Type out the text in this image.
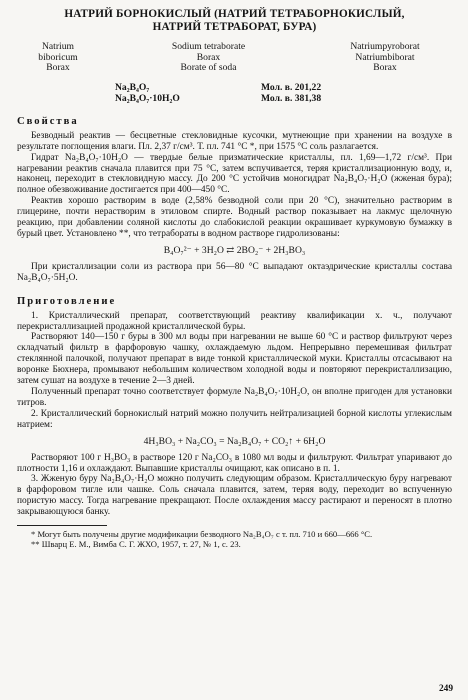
НАТРИЙ БОРНОКИСЛЫЙ (НАТРИЙ ТЕТРАБОРНОКИСЛЫЙ,
НАТРИЙ ТЕТРАБОРАТ, БУРА)
Natrium
biboricum
Borax
Sodium tetraborate
Borax
Borate of soda
Natriumpyroborat
Natriumbiborat
Borax
Na₂B₄O₇
Na₂B₄O₇·10H₂O
Мол. в. 201,22
Мол. в. 381,38
Свойства

Безводный реактив — бесцветные стекловидные кусочки, мутнеющие при хранении на воздухе в результате поглощения влаги. Пл. 2,37 г/см³. Т. пл. 741 °C *, при 1575 °C соль разлагается.

Гидрат Na₂B₄O₇·10H₂O — твердые белые призматические кристаллы, пл. 1,69—1,72 г/см³. При нагревании реактив сначала плавится при 75 °C, затем вспучивается, теряя кристаллизационную воду, и, наконец, переходит в стекловидную массу. До 200 °C устойчив моногидрат Na₂B₄O₇·H₂O (жженая бура); полное обезвоживание достигается при 400—450 °C.

Реактив хорошо растворим в воде (2,58% безводной соли при 20 °C), значительно растворим в глицерине, почти нерастворим в этиловом спирте. Водный раствор показывает на лакмус щелочную реакцию, при добавлении соляной кислоты до слабокислой реакции окрашивает куркумовую бумажку в бурый цвет. Установлено **, что тетрабораты в водном растворе гидролизованы:

B₄O₇²⁻ + 3H₂O ⇄ 2BO₂⁻ + 2H₃BO₃

При кристаллизации соли из раствора при 56—80 °C выпадают октаэдрические кристаллы состава Na₂B₄O₇·5H₂O.

Приготовление

1. Кристаллический препарат, соответствующий реактиву квалификации х. ч., получают перекристаллизацией продажной кристаллической буры.

Растворяют 140—150 г буры в 300 мл воды при нагревании не выше 60 °C и раствор фильтруют через складчатый фильтр в фарфоровую чашку, охлаждаемую льдом. Непрерывно перемешивая фильтрат стеклянной палочкой, получают препарат в виде тонкой кристаллической муки. Кристаллы отсасывают на воронке Бюхнера, промывают небольшим количеством холодной воды и повторяют перекристаллизацию, затем сушат на воздухе в течение 2—3 дней.

Полученный препарат точно соответствует формуле Na₂B₄O₇·10H₂O, он вполне пригоден для установки титров.

2. Кристаллический борнокислый натрий можно получить нейтрализацией борной кислоты углекислым натрием:

4H₃BO₃ + Na₂CO₃ = Na₂B₄O₇ + CO₂↑ + 6H₂O

Растворяют 100 г H₃BO₃ в растворе 120 г Na₂CO₃ в 1080 мл воды и фильтруют. Фильтрат упаривают до плотности 1,16 и охлаждают. Выпавшие кристаллы очищают, как описано в п. 1.

3. Жженую буру Na₂B₄O₇·H₂O можно получить следующим образом. Кристаллическую буру нагревают в фарфоровом тигле или чашке. Соль сначала плавится, затем, теряя воду, переходит во вспученную пористую массу. Тогда нагревание прекращают. После охлаждения массу растирают и переносят в плотно закрывающуюся банку.

* Могут быть получены другие модификации безводного Na₂B₄O₇ с т. пл. 710 и 660—666 °C.

** Шварц Е. М., Вимба С. Г. ЖХО, 1957, т. 27, № 1, с. 23.

249
